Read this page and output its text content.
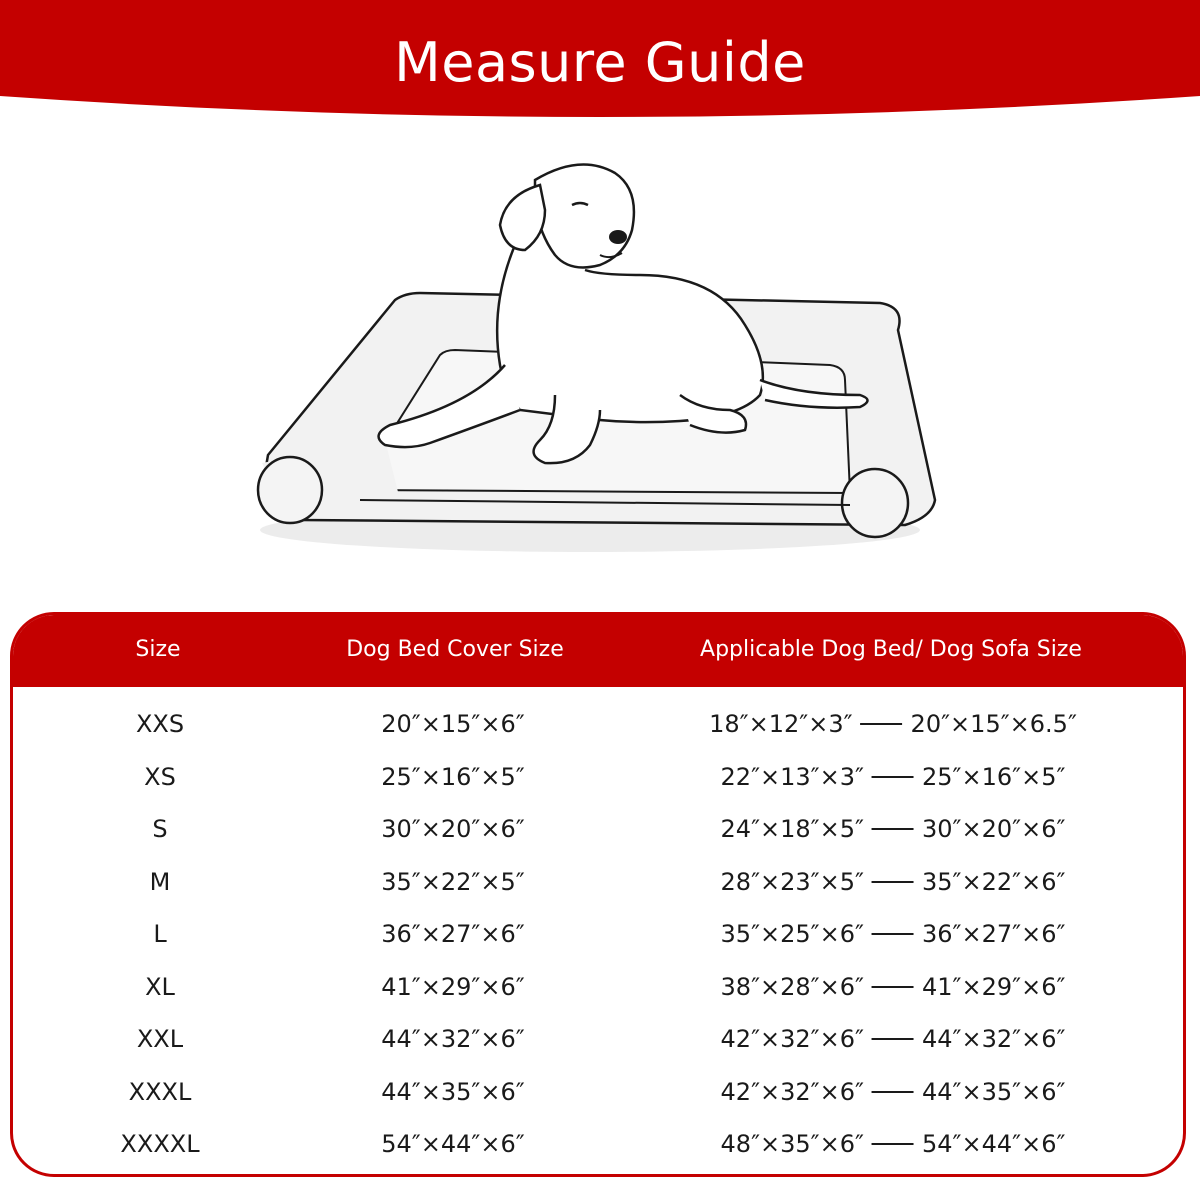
Measure Guide
Size	Dog Bed Cover Size	Applicable Dog Bed/ Dog Sofa Size
XXS	20″×15″×6″	18″×12″×3″ 20″×15″×6.5″
XS	25″×16″×5″	22″×13″×3″ 25″×16″×5″
S	30″×20″×6″	24″×18″×5″ 30″×20″×6″
M	35″×22″×5″	28″×23″×5″ 35″×22″×6″
L	36″×27″×6″	35″×25″×6″ 36″×27″×6″
XL	41″×29″×6″	38″×28″×6″ 41″×29″×6″
XXL	44″×32″×6″	42″×32″×6″ 44″×32″×6″
XXXL	44″×35″×6″	42″×32″×6″ 44″×35″×6″
XXXXL	54″×44″×6″	48″×35″×6″ 54″×44″×6″
